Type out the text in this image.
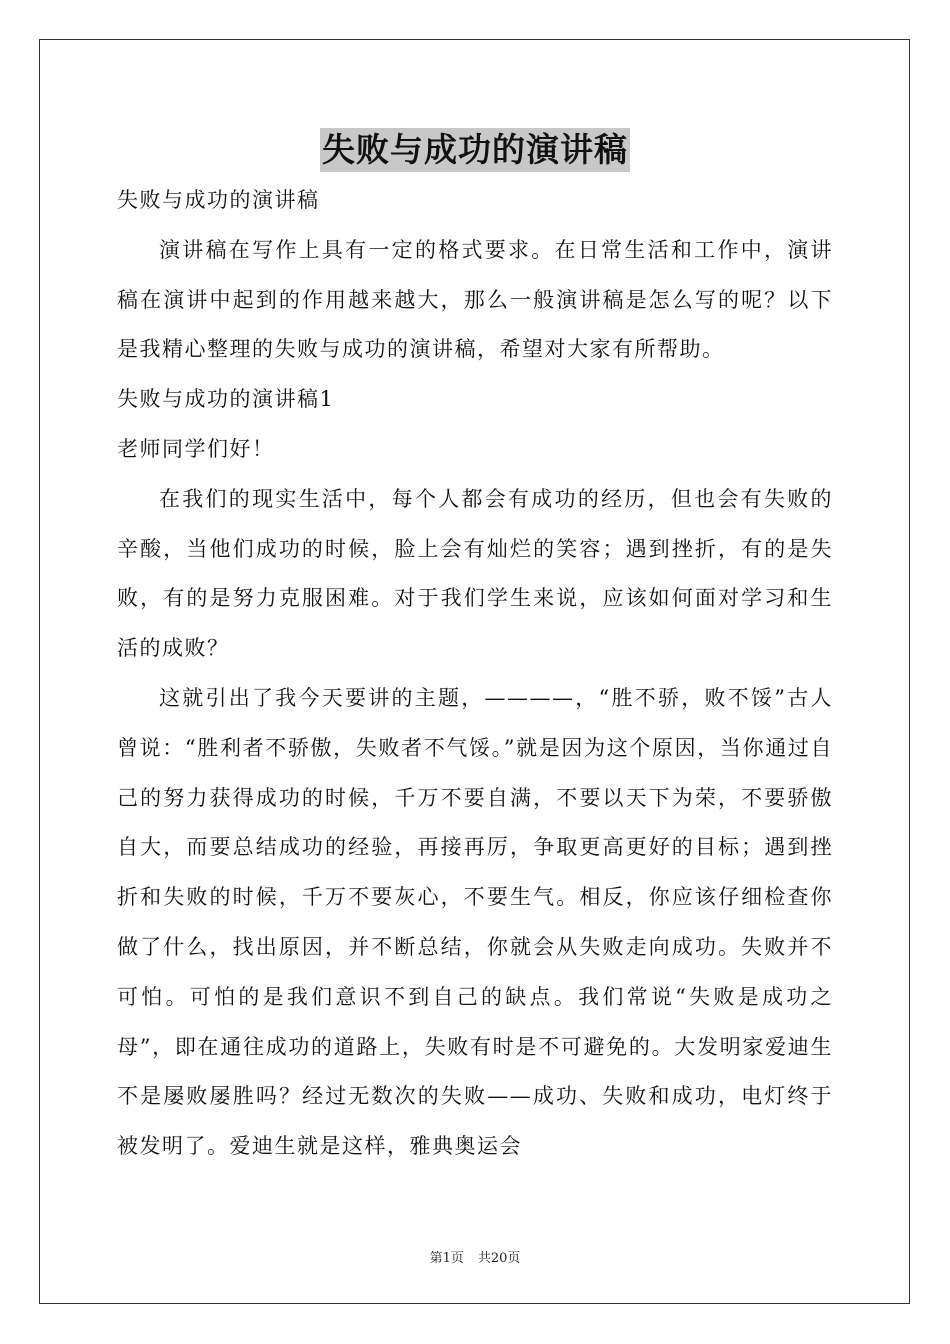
失败与成功的演讲稿

失败与成功的演讲稿

演讲稿在写作上具有一定的格式要求。在日常生活和工作中，演讲稿在演讲中起到的作用越来越大，那么一般演讲稿是怎么写的呢？以下是我精心整理的失败与成功的演讲稿，希望对大家有所帮助。

失败与成功的演讲稿1

老师同学们好！

在我们的现实生活中，每个人都会有成功的经历，但也会有失败的辛酸，当他们成功的时候，脸上会有灿烂的笑容；遇到挫折，有的是失败，有的是努力克服困难。对于我们学生来说，应该如何面对学习和生活的成败？

这就引出了我今天要讲的主题，————，“胜不骄，败不馁”古人曾说：“胜利者不骄傲，失败者不气馁。”就是因为这个原因，当你通过自己的努力获得成功的时候，千万不要自满，不要以天下为荣，不要骄傲自大，而要总结成功的经验，再接再厉，争取更高更好的目标；遇到挫折和失败的时候，千万不要灰心，不要生气。相反，你应该仔细检查你做了什么，找出原因，并不断总结，你就会从失败走向成功。失败并不可怕。可怕的是我们意识不到自己的缺点。我们常说“失败是成功之母”，即在通往成功的道路上，失败有时是不可避免的。大发明家爱迪生不是屡败屡胜吗？经过无数次的失败——成功、失败和成功，电灯终于被发明了。爱迪生就是这样，雅典奥运会

第1页 共20页
